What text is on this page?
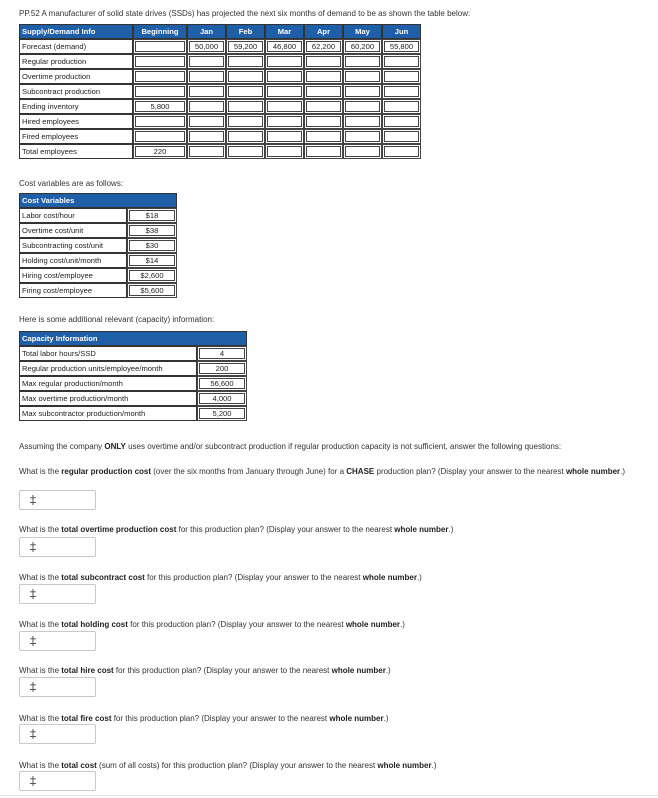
PP.52 A manufacturer of solid state drives (SSDs) has projected the next six months of demand to be as shown the table below:

Supply/Demand Info	Beginning	Jan	Feb	Mar	Apr	May	Jun
Forecast (demand)		50,000	59,200	46,800	62,200	60,200	55,800
Regular production							
Overtime production							
Subcontract production							
Ending inventory	5,800						
Hired employees							
Fired employees							
Total employees	220						

Cost variables are as follows:

Cost Variables	
Labor cost/hour	$18
Overtime cost/unit	$38
Subcontracting cost/unit	$30
Holding cost/unit/month	$14
Hiring cost/employee	$2,600
Firing cost/employee	$5,600

Here is some additional relevant (capacity) information:

Capacity Information	
Total labor hours/SSD	4
Regular production units/employee/month	200
Max regular production/month	56,600
Max overtime production/month	4,000
Max subcontractor production/month	5,200
Assuming the company ONLY uses overtime and/or subcontract production if regular production capacity is not sufficient, answer the following questions:
What is the regular production cost (over the six months from January through June) for a CHASE production plan? (Display your answer to the nearest whole number.)
What is the total overtime production cost for this production plan? (Display your answer to the nearest whole number.)
What is the total subcontract cost for this production plan? (Display your answer to the nearest whole number.)
What is the total holding cost for this production plan? (Display your answer to the nearest whole number.)
What is the total hire cost for this production plan? (Display your answer to the nearest whole number.)
What is the total fire cost for this production plan? (Display your answer to the nearest whole number.)
What is the total cost (sum of all costs) for this production plan? (Display your answer to the nearest whole number.)
